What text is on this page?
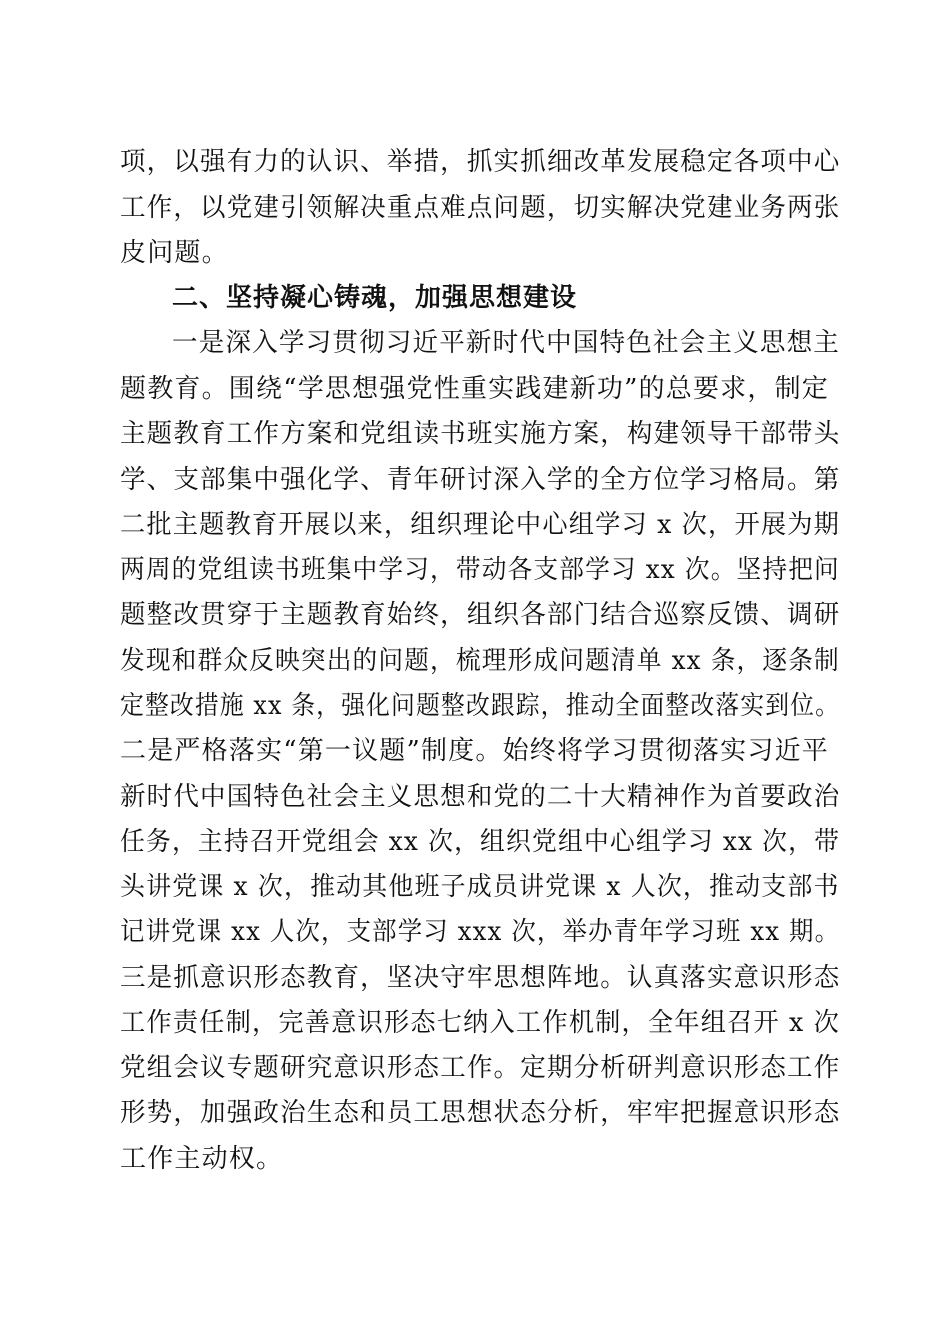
项，以强有力的认识、举措，抓实抓细改革发展稳定各项中心
工作，以党建引领解决重点难点问题，切实解决党建业务两张
皮问题。
二、坚持凝心铸魂，加强思想建设
一是深入学习贯彻习近平新时代中国特色社会主义思想主
题教育。围绕“学思想强党性重实践建新功”的总要求，制定
主题教育工作方案和党组读书班实施方案，构建领导干部带头
学、支部集中强化学、青年研讨深入学的全方位学习格局。第
二批主题教育开展以来，组织理论中心组学习 x 次，开展为期
两周的党组读书班集中学习，带动各支部学习 xx 次。坚持把问
题整改贯穿于主题教育始终，组织各部门结合巡察反馈、调研
发现和群众反映突出的问题，梳理形成问题清单 xx 条，逐条制
定整改措施 xx 条，强化问题整改跟踪，推动全面整改落实到位。
二是严格落实“第一议题”制度。始终将学习贯彻落实习近平
新时代中国特色社会主义思想和党的二十大精神作为首要政治
任务，主持召开党组会 xx 次，组织党组中心组学习 xx 次，带
头讲党课 x 次，推动其他班子成员讲党课 x 人次，推动支部书
记讲党课 xx 人次，支部学习 xxx 次，举办青年学习班 xx 期。
三是抓意识形态教育，坚决守牢思想阵地。认真落实意识形态
工作责任制，完善意识形态七纳入工作机制，全年组召开 x 次
党组会议专题研究意识形态工作。定期分析研判意识形态工作
形势，加强政治生态和员工思想状态分析，牢牢把握意识形态
工作主动权。
